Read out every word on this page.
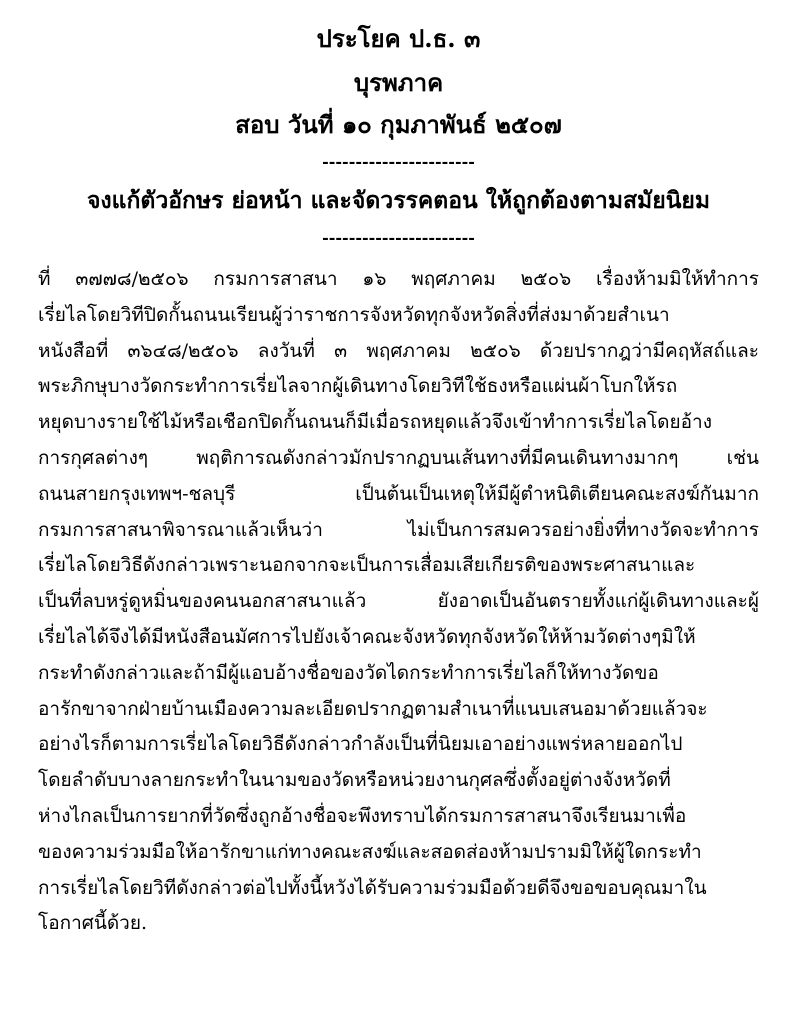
ประโยค ป.ธ. ๓
บุรพภาค
สอบ วันที่ ๑๐ กุมภาพันธ์ ๒๕๐๗
-----------------------
จงแก้ตัวอักษร ย่อหน้า และจัดวรรคตอน ให้ถูกต้องตามสมัยนิยม
-----------------------
ที่ ๓๗๗๘/๒๕๐๖ กรมการสาสนา ๑๖ พฤศภาคม ๒๕๐๖ เรื่องห้ามมิให้ทำการ
เรี่ยไลโดยวิทีปิดกั้นถนนเรียนผู้ว่าราชการจังหวัดทุกจังหวัดสิ่งที่ส่งมาด้วยสำเนา
หนังสือที่ ๓๖๔๘/๒๕๐๖ ลงวันที่ ๓ พฤศภาคม ๒๕๐๖ ด้วยปรากฎว่ามีคฤหัสถ์และ
พระภิกษุบางวัดกระทำการเรี่ยไลจากผู้เดินทางโดยวิทีใช้ธงหรือแผ่นผ้าโบกให้รถ
หยุดบางรายใช้ไม้หรือเชือกปิดกั้นถนนก็มีเมื่อรถหยุดแล้วจึงเข้าทำการเรี่ยไลโดยอ้าง
การกุศลต่างๆ พฤติการณดังกล่าวมักปรากฏบนเส้นทางที่มีคนเดินทางมากๆ เช่น
ถนนสายกรุงเทพฯ-ชลบุรี เป็นต้นเป็นเหตุให้มีผู้ตำหนิติเตียนคณะสงฆ์กันมาก
กรมการสาสนาพิจารณาแล้วเห็นว่า ไม่เป็นการสมควรอย่างยิ่งที่ทางวัดจะทำการ
เรี่ยไลโดยวิธีดังกล่าวเพราะนอกจากจะเป็นการเสื่อมเสียเกียรติของพระศาสนาและ
เป็นที่ลบหรู่ดูหมิ่นของคนนอกสาสนาแล้ว ยังอาดเป็นอันตรายทั้งแก่ผู้เดินทางและผู้
เรี่ยไลได้จึงได้มีหนังสือนมัศการไปยังเจ้าคณะจังหวัดทุกจังหวัดให้ห้ามวัดต่างๆมิให้
กระทำดังกล่าวและถ้ามีผู้แอบอ้างชื่อของวัดไดกระทำการเรี่ยไลก็ให้ทางวัดขอ
อารักขาจากฝ่ายบ้านเมืองความละเอียดปรากฏตามสำเนาที่แนบเสนอมาด้วยแล้วจะ
อย่างไรก็ตามการเรี่ยไลโดยวิธีดังกล่าวกำลังเป็นที่นิยมเอาอย่างแพร่หลายออกไป
โดยลำดับบางลายกระทำในนามของวัดหรือหน่วยงานกุศลซึ่งตั้งอยู่ต่างจังหวัดที่
ห่างไกลเป็นการยากที่วัดซึ่งถูกอ้างชื่อจะพึงทราบได้กรมการสาสนาจึงเรียนมาเพื่อ
ของความร่วมมือให้อารักขาแก่ทางคณะสงฆ์และสอดส่องห้ามปรามมิให้ผู้ใดกระทำ
การเรี่ยไลโดยวิทีดังกล่าวต่อไปทั้งนี้หวังได้รับความร่วมมือด้วยดีจึงขอขอบคุณมาใน
โอกาศนี้ด้วย.
